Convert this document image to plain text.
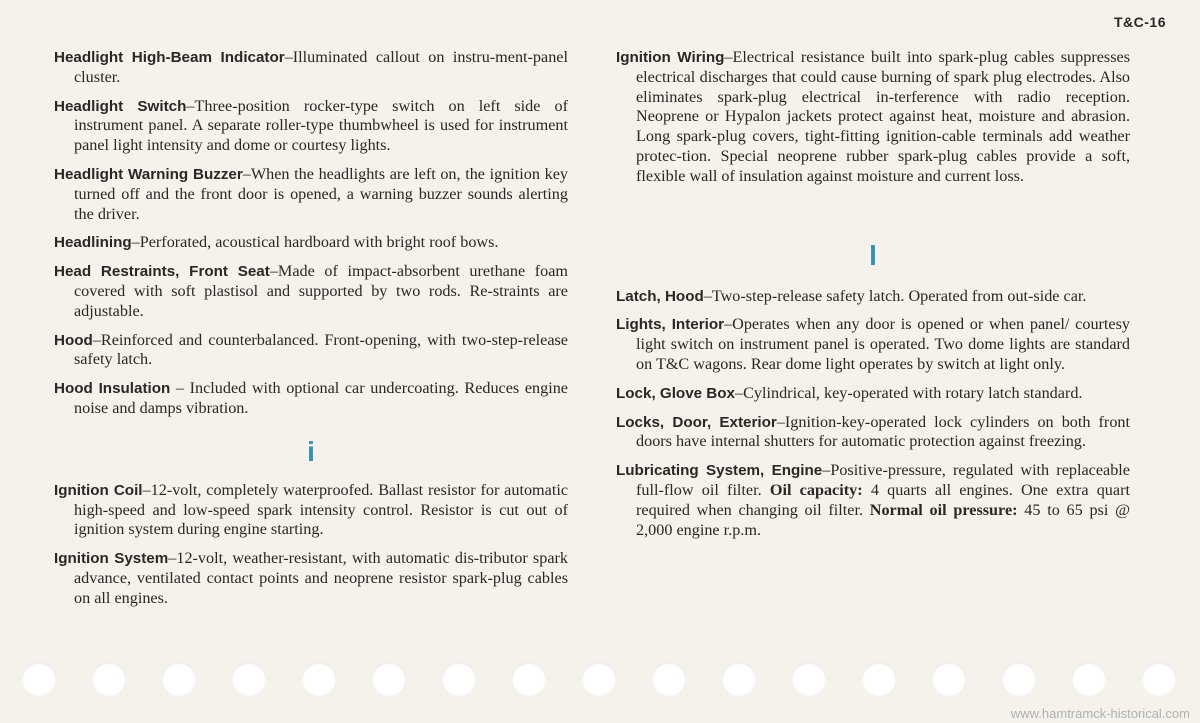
T&C-16

Headlight High-Beam Indicator–Illuminated callout on instru-ment-panel cluster.

Headlight Switch–Three-position rocker-type switch on left side of instrument panel. A separate roller-type thumbwheel is used for instrument panel light intensity and dome or courtesy lights.

Headlight Warning Buzzer–When the headlights are left on, the ignition key turned off and the front door is opened, a warning buzzer sounds alerting the driver.

Headlining–Perforated, acoustical hardboard with bright roof bows.

Head Restraints, Front Seat–Made of impact-absorbent urethane foam covered with soft plastisol and supported by two rods. Re-straints are adjustable.

Hood–Reinforced and counterbalanced. Front-opening, with two-step-release safety latch.

Hood Insulation – Included with optional car undercoating. Reduces engine noise and damps vibration.

i

Ignition Coil–12-volt, completely waterproofed. Ballast resistor for automatic high-speed and low-speed spark intensity control. Resistor is cut out of ignition system during engine starting.

Ignition System–12-volt, weather-resistant, with automatic dis-tributor spark advance, ventilated contact points and neoprene resistor spark-plug cables on all engines.

Ignition Wiring–Electrical resistance built into spark-plug cables suppresses electrical discharges that could cause burning of spark plug electrodes. Also eliminates spark-plug electrical in-terference with radio reception. Neoprene or Hypalon jackets protect against heat, moisture and abrasion. Long spark-plug covers, tight-fitting ignition-cable terminals add weather protec-tion. Special neoprene rubber spark-plug cables provide a soft, flexible wall of insulation against moisture and current loss.

l

Latch, Hood–Two-step-release safety latch. Operated from out-side car.

Lights, Interior–Operates when any door is opened or when panel/ courtesy light switch on instrument panel is operated. Two dome lights are standard on T&C wagons. Rear dome light operates by switch at light only.

Lock, Glove Box–Cylindrical, key-operated with rotary latch standard.

Locks, Door, Exterior–Ignition-key-operated lock cylinders on both front doors have internal shutters for automatic protection against freezing.

Lubricating System, Engine–Positive-pressure, regulated with replaceable full-flow oil filter. Oil capacity: 4 quarts all engines. One extra quart required when changing oil filter. Normal oil pressure: 45 to 65 psi @ 2,000 engine r.p.m.

www.hamtramck-historical.com
